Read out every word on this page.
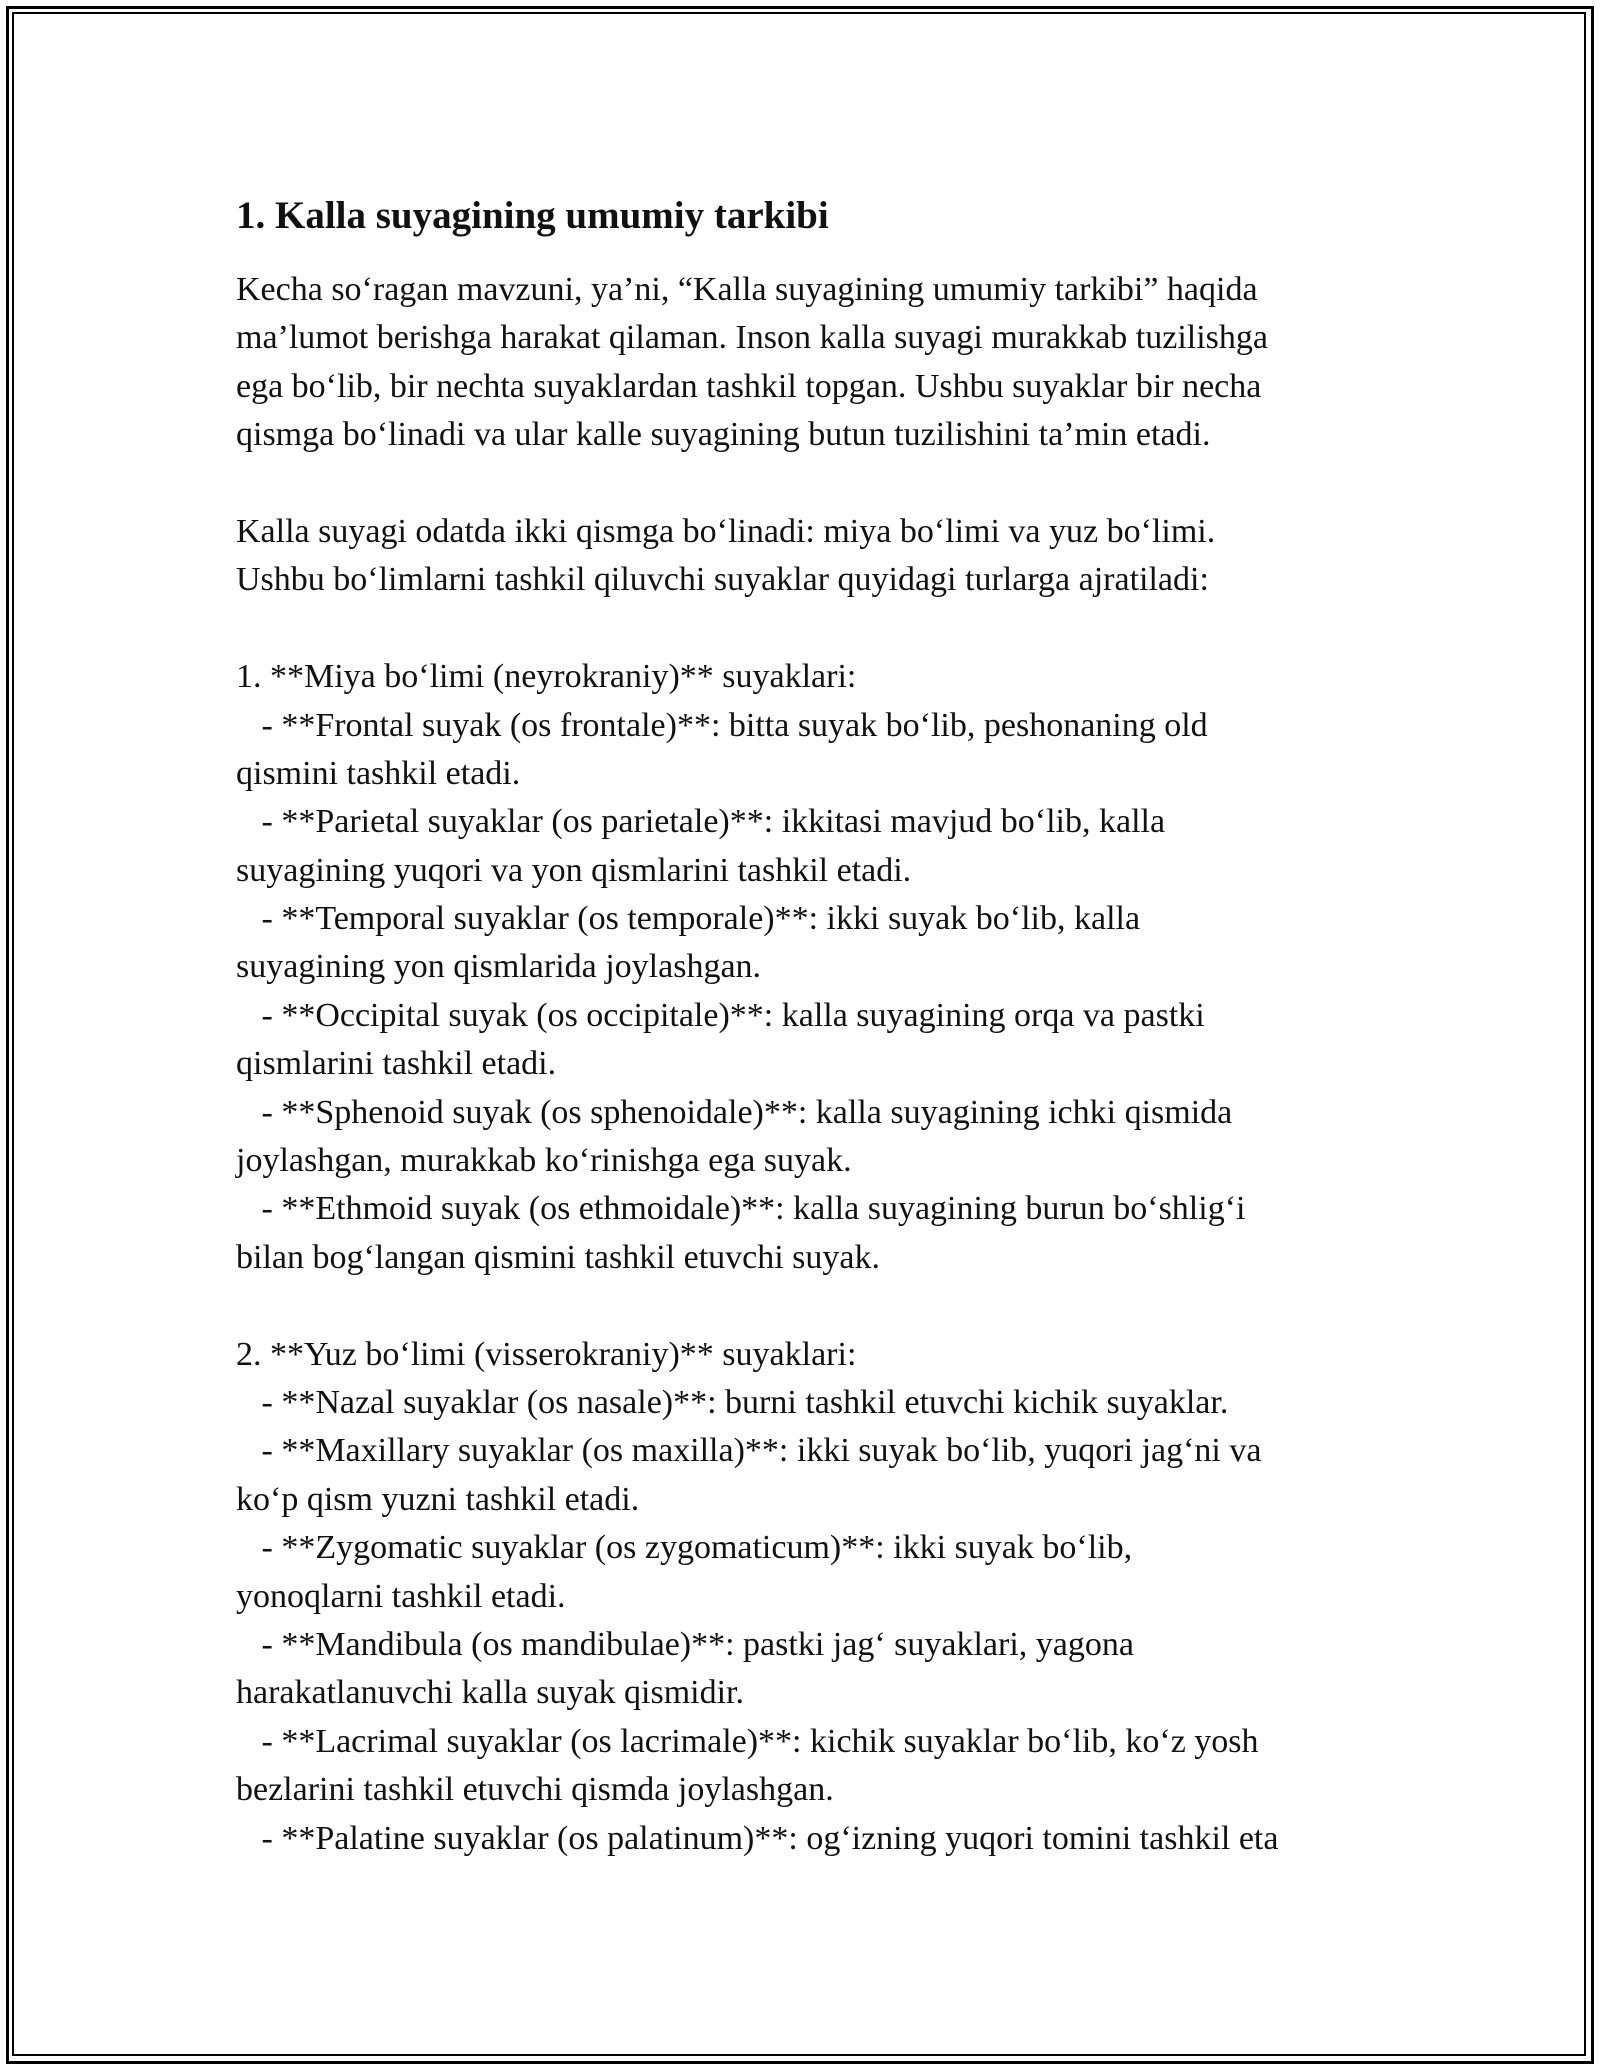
1. Kalla suyagining umumiy tarkibi
Kecha so‘ragan mavzuni, ya’ni, “Kalla suyagining umumiy tarkibi” haqida
ma’lumot berishga harakat qilaman. Inson kalla suyagi murakkab tuzilishga
ega bo‘lib, bir nechta suyaklardan tashkil topgan. Ushbu suyaklar bir necha
qismga bo‘linadi va ular kalle suyagining butun tuzilishini ta’min etadi.
Kalla suyagi odatda ikki qismga bo‘linadi: miya bo‘limi va yuz bo‘limi.
Ushbu bo‘limlarni tashkil qiluvchi suyaklar quyidagi turlarga ajratiladi:
1. **Miya bo‘limi (neyrokraniy)** suyaklari:
- **Frontal suyak (os frontale)**: bitta suyak bo‘lib, peshonaning old
qismini tashkil etadi.
- **Parietal suyaklar (os parietale)**: ikkitasi mavjud bo‘lib, kalla
suyagining yuqori va yon qismlarini tashkil etadi.
- **Temporal suyaklar (os temporale)**: ikki suyak bo‘lib, kalla
suyagining yon qismlarida joylashgan.
- **Occipital suyak (os occipitale)**: kalla suyagining orqa va pastki
qismlarini tashkil etadi.
- **Sphenoid suyak (os sphenoidale)**: kalla suyagining ichki qismida
joylashgan, murakkab ko‘rinishga ega suyak.
- **Ethmoid suyak (os ethmoidale)**: kalla suyagining burun bo‘shlig‘i
bilan bog‘langan qismini tashkil etuvchi suyak.
2. **Yuz bo‘limi (visserokraniy)** suyaklari:
- **Nazal suyaklar (os nasale)**: burni tashkil etuvchi kichik suyaklar.
- **Maxillary suyaklar (os maxilla)**: ikki suyak bo‘lib, yuqori jag‘ni va
ko‘p qism yuzni tashkil etadi.
- **Zygomatic suyaklar (os zygomaticum)**: ikki suyak bo‘lib,
yonoqlarni tashkil etadi.
- **Mandibula (os mandibulae)**: pastki jag‘ suyaklari, yagona
harakatlanuvchi kalla suyak qismidir.
- **Lacrimal suyaklar (os lacrimale)**: kichik suyaklar bo‘lib, ko‘z yosh
bezlarini tashkil etuvchi qismda joylashgan.
- **Palatine suyaklar (os palatinum)**: og‘izning yuqori tomini tashkil eta
